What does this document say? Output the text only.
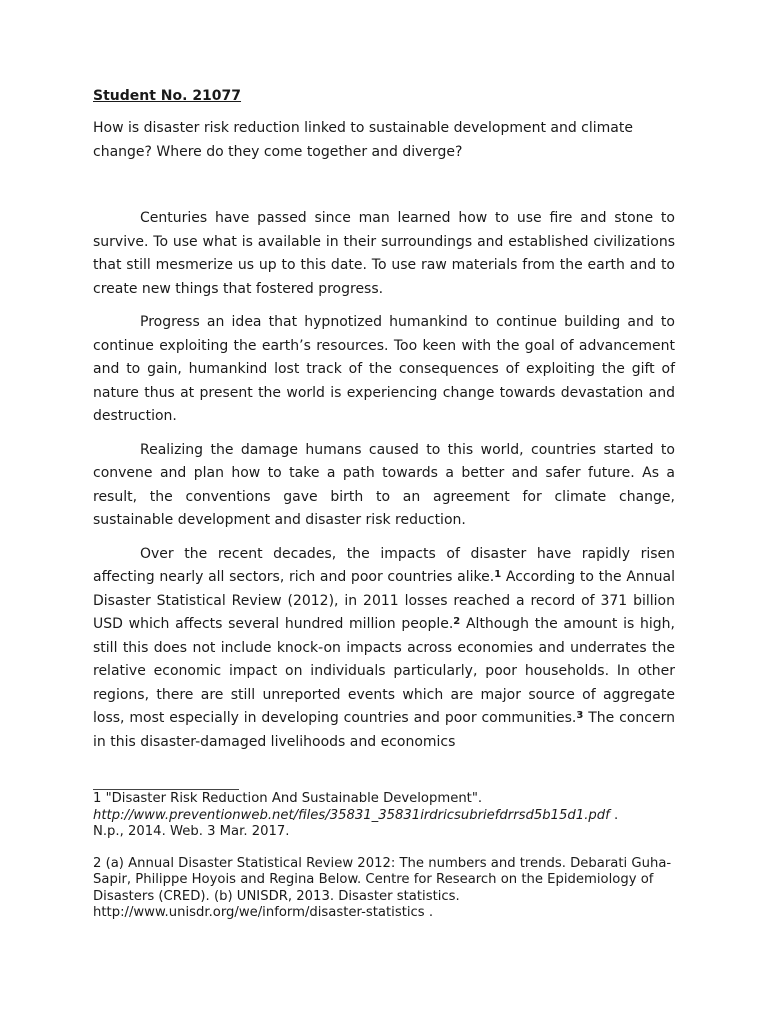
Student No. 21077
How is disaster risk reduction linked to sustainable development and climate change? Where do they come together and diverge?

Centuries have passed since man learned how to use fire and stone to survive. To use what is available in their surroundings and established civilizations that still mesmerize us up to this date. To use raw materials from the earth and to create new things that fostered progress.

Progress an idea that hypnotized humankind to continue building and to continue exploiting the earth’s resources. Too keen with the goal of advancement and to gain, humankind lost track of the consequences of exploiting the gift of nature thus at present the world is experiencing change towards devastation and destruction.

Realizing the damage humans caused to this world, countries started to convene and plan how to take a path towards a better and safer future. As a result, the conventions gave birth to an agreement for climate change, sustainable development and disaster risk reduction.

Over the recent decades, the impacts of disaster have rapidly risen affecting nearly all sectors, rich and poor countries alike.$^1$ According to the Annual Disaster Statistical Review (2012), in 2011 losses reached a record of 371 billion USD which affects several hundred million people.$^2$ Although the amount is high, still this does not include knock-on impacts across economies and underrates the relative economic impact on individuals particularly, poor households. In other regions, there are still unreported events which are major source of aggregate loss, most especially in developing countries and poor communities.$^3$ The concern in this disaster-damaged livelihoods and economics

1 "Disaster Risk Reduction And Sustainable Development".
http://www.preventionweb.net/files/35831_35831irdricsubriefdrrsd5b15d1.pdf .
N.p., 2014. Web. 3 Mar. 2017.
2 (a) Annual Disaster Statistical Review 2012: The numbers and trends. Debarati Guha-Sapir, Philippe Hoyois and Regina Below. Centre for Research on the Epidemiology of Disasters (CRED). (b) UNISDR, 2013. Disaster statistics. http://www.unisdr.org/we/inform/disaster-statistics .
